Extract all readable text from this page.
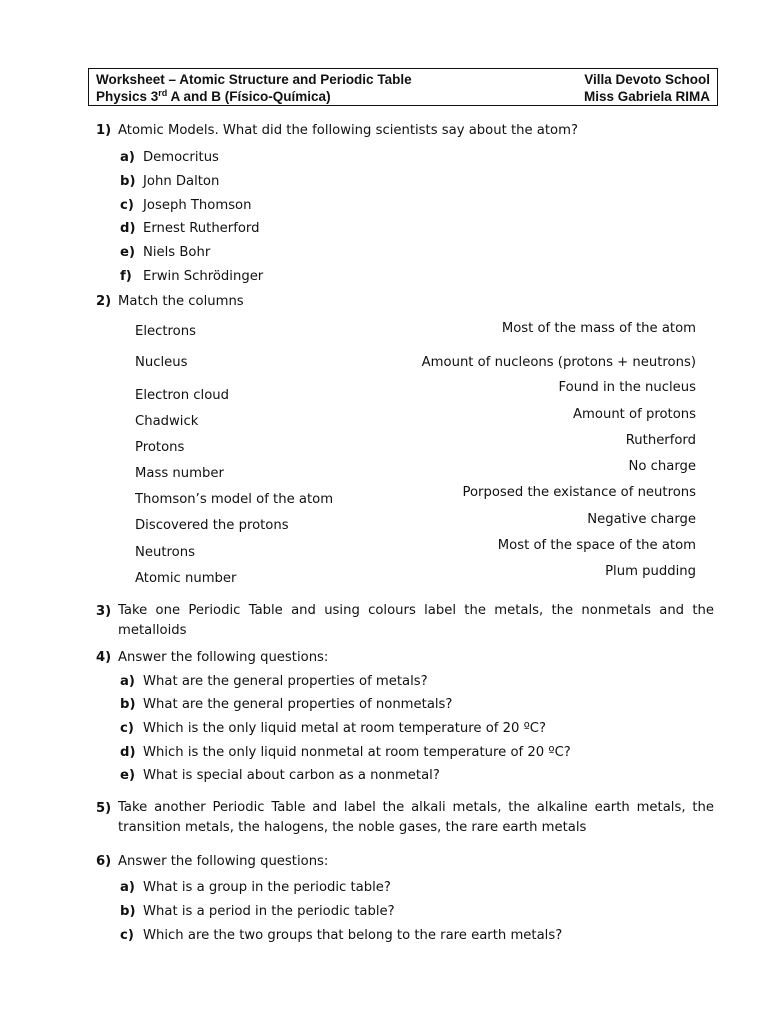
Worksheet – Atomic Structure and Periodic Table
Physics 3rd A and B (Físico-Química)
Villa Devoto School
Miss Gabriela RIMA
1) Atomic Models. What did the following scientists say about the atom?
a) Democritus
b) John Dalton
c) Joseph Thomson
d) Ernest Rutherford
e) Niels Bohr
f) Erwin Schrödinger
2) Match the columns
Electrons
Nucleus
Electron cloud
Chadwick
Protons
Mass number
Thomson’s model of the atom
Discovered the protons
Neutrons
Atomic number
Most of the mass of the atom
Amount of nucleons (protons + neutrons)
Found in the nucleus
Amount of protons
Rutherford
No charge
Porposed the existance of neutrons
Negative charge
Most of the space of the atom
Plum pudding
3) Take one Periodic Table and using colours label the metals, the nonmetals and the metalloids
4) Answer the following questions:
a) What are the general properties of metals?
b) What are the general properties of nonmetals?
c) Which is the only liquid metal at room temperature of 20 ºC?
d) Which is the only liquid nonmetal at room temperature of 20 ºC?
e) What is special about carbon as a nonmetal?
5) Take another Periodic Table and label the alkali metals, the alkaline earth metals, the transition metals, the halogens, the noble gases, the rare earth metals
6) Answer the following questions:
a) What is a group in the periodic table?
b) What is a period in the periodic table?
c) Which are the two groups that belong to the rare earth metals?
